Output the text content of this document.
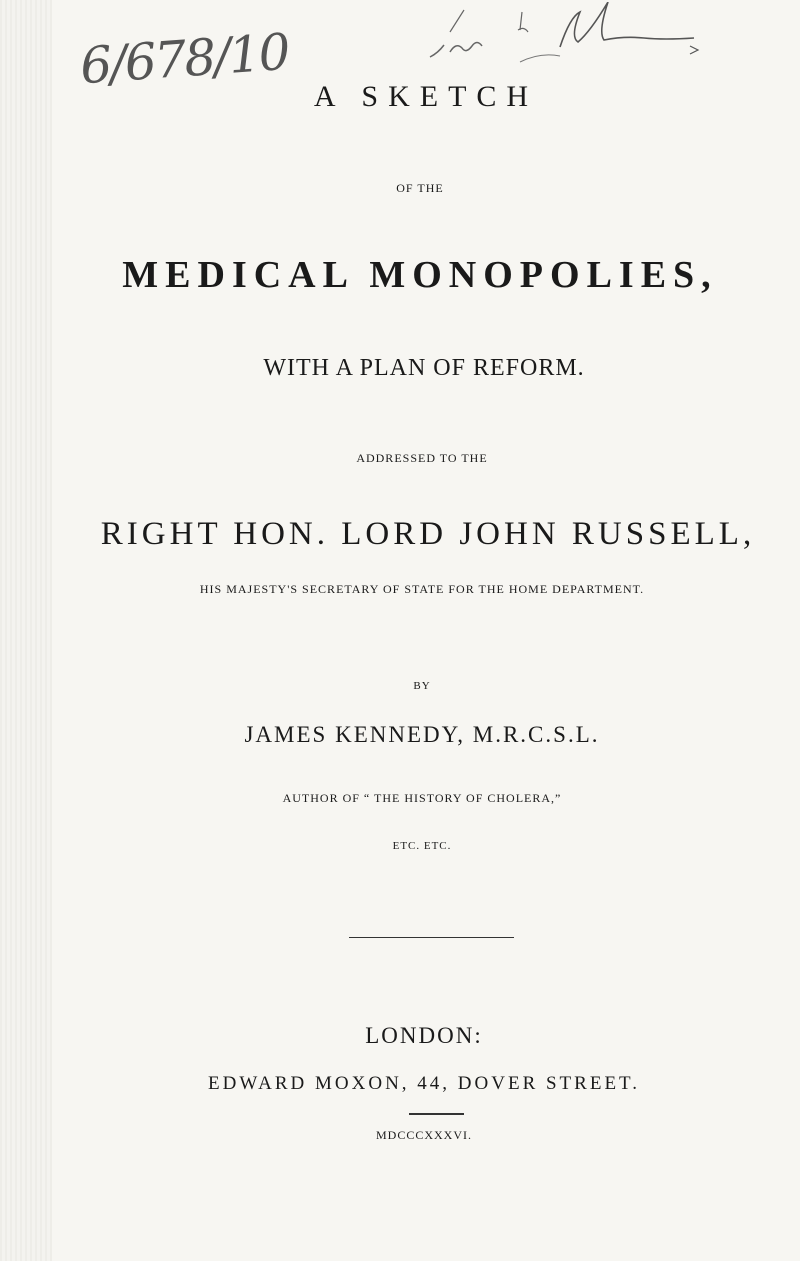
6/678/10
A SKETCH
OF THE
MEDICAL MONOPOLIES,
WITH A PLAN OF REFORM.
ADDRESSED TO THE
RIGHT HON. LORD JOHN RUSSELL,
HIS MAJESTY'S SECRETARY OF STATE FOR THE HOME DEPARTMENT.
BY
JAMES KENNEDY, M.R.C.S.L.
AUTHOR OF “ THE HISTORY OF CHOLERA,”
ETC. ETC.
LONDON:
EDWARD MOXON, 44, DOVER STREET.
MDCCCXXXVI.
